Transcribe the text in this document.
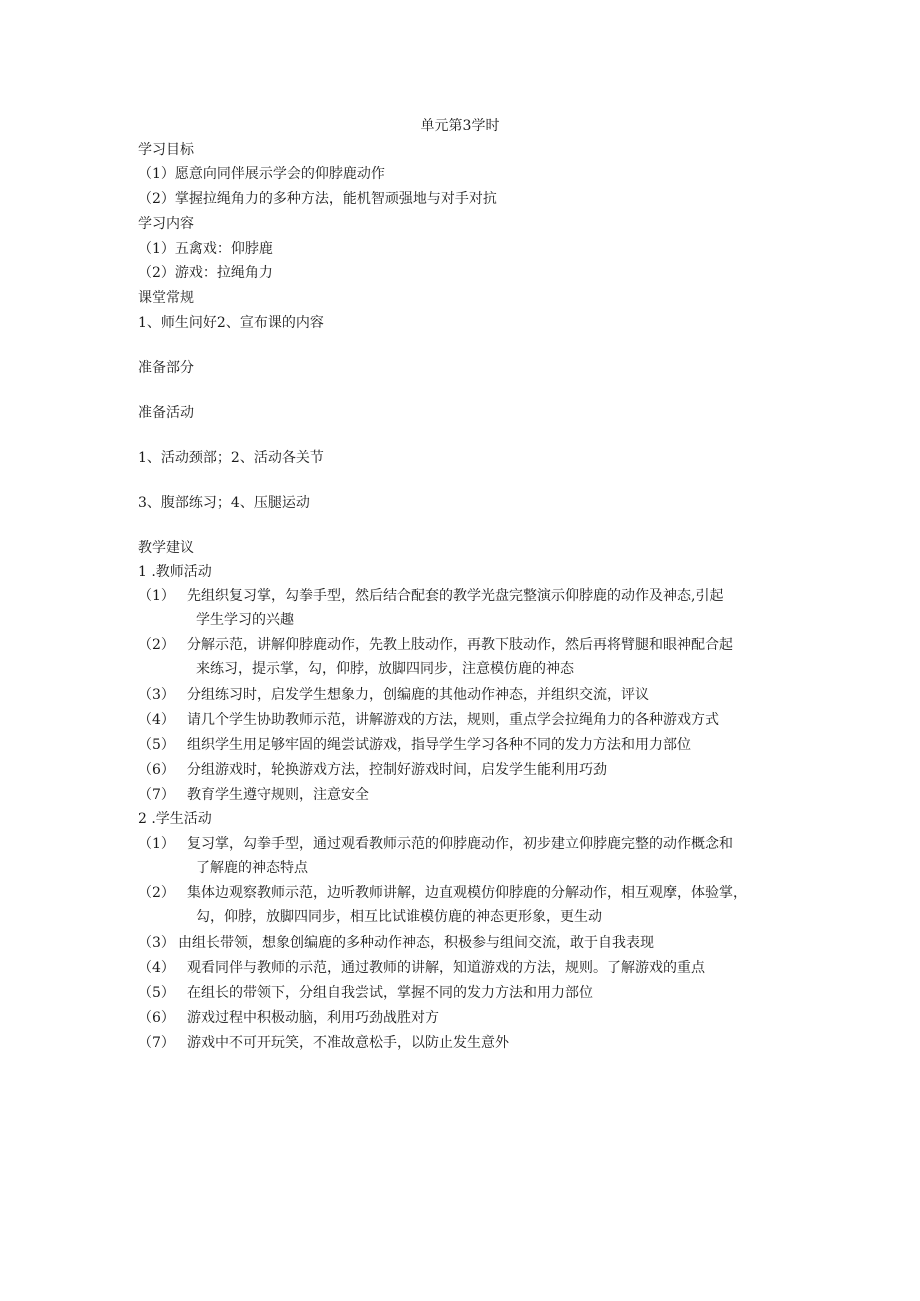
单元第3学时
学习目标
（1）愿意向同伴展示学会的仰脖鹿动作
（2）掌握拉绳角力的多种方法，能机智顽强地与对手对抗
学习内容
（1）五禽戏：仰脖鹿
（2）游戏：拉绳角力
课堂常规
1、师生问好2、宣布课的内容
准备部分
准备活动
1、活动颈部；2、活动各关节
3、腹部练习；4、压腿运动
教学建议
1 .教师活动
（1） 先组织复习掌，勾拳手型，然后结合配套的教学光盘完整演示仰脖鹿的动作及神态,引起
学生学习的兴趣
（2） 分解示范，讲解仰脖鹿动作，先教上肢动作，再教下肢动作，然后再将臂腿和眼神配合起
来练习，提示掌，勾，仰脖，放脚四同步，注意模仿鹿的神态
（3） 分组练习时，启发学生想象力，创编鹿的其他动作神态，并组织交流，评议
（4） 请几个学生协助教师示范，讲解游戏的方法，规则，重点学会拉绳角力的各种游戏方式
（5） 组织学生用足够牢固的绳尝试游戏，指导学生学习各种不同的发力方法和用力部位
（6） 分组游戏时，轮换游戏方法，控制好游戏时间，启发学生能利用巧劲
（7） 教育学生遵守规则，注意安全
2 .学生活动
（1） 复习掌，勾拳手型，通过观看教师示范的仰脖鹿动作，初步建立仰脖鹿完整的动作概念和
了解鹿的神态特点
（2） 集体边观察教师示范，边听教师讲解，边直观模仿仰脖鹿的分解动作，相互观摩，体验掌，
勾，仰脖，放脚四同步，相互比试谁模仿鹿的神态更形象，更生动
（3） 由组长带领，想象创编鹿的多种动作神态，积极参与组间交流，敢于自我表现
（4） 观看同伴与教师的示范，通过教师的讲解，知道游戏的方法，规则。了解游戏的重点
（5） 在组长的带领下，分组自我尝试，掌握不同的发力方法和用力部位
（6） 游戏过程中积极动脑，利用巧劲战胜对方
（7） 游戏中不可开玩笑，不准故意松手，以防止发生意外
